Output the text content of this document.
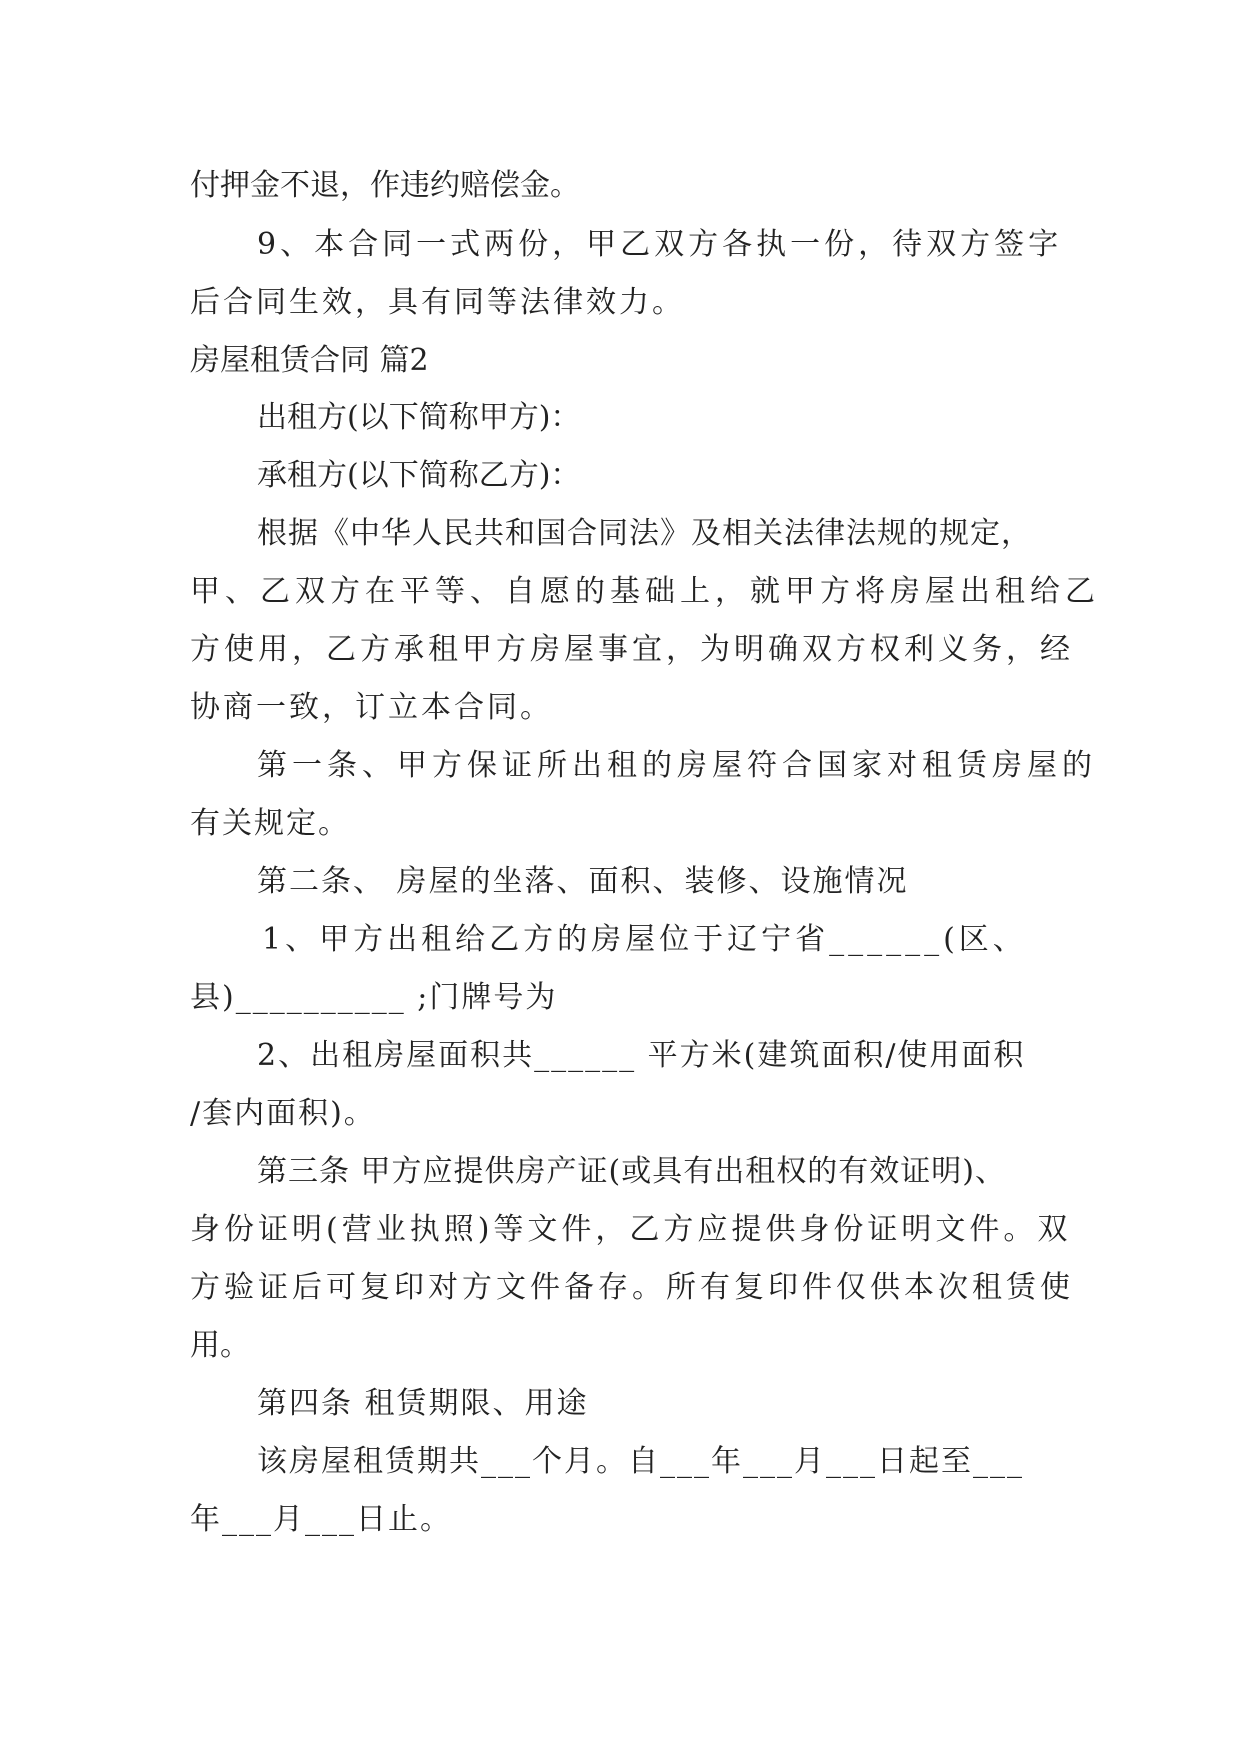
付押金不退，作违约赔偿金。

9、本合同一式两份，甲乙双方各执一份，待双方签字

后合同生效，具有同等法律效力。

房屋租赁合同 篇2

出租方(以下简称甲方)：

承租方(以下简称乙方)：

根据《中华人民共和国合同法》及相关法律法规的规定，

甲、乙双方在平等、自愿的基础上，就甲方将房屋出租给乙

方使用，乙方承租甲方房屋事宜，为明确双方权利义务，经

协商一致，订立本合同。

第一条、甲方保证所出租的房屋符合国家对租赁房屋的

有关规定。

第二条、 房屋的坐落、面积、装修、设施情况

1、甲方出租给乙方的房屋位于辽宁省______(区、

县)__________ ;门牌号为

2、出租房屋面积共______ 平方米(建筑面积/使用面积

/套内面积)。

第三条 甲方应提供房产证(或具有出租权的有效证明)、

身份证明(营业执照)等文件，乙方应提供身份证明文件。双

方验证后可复印对方文件备存。所有复印件仅供本次租赁使

用。

第四条 租赁期限、用途

该房屋租赁期共___个月。自___年___月___日起至___

年___月___日止。
